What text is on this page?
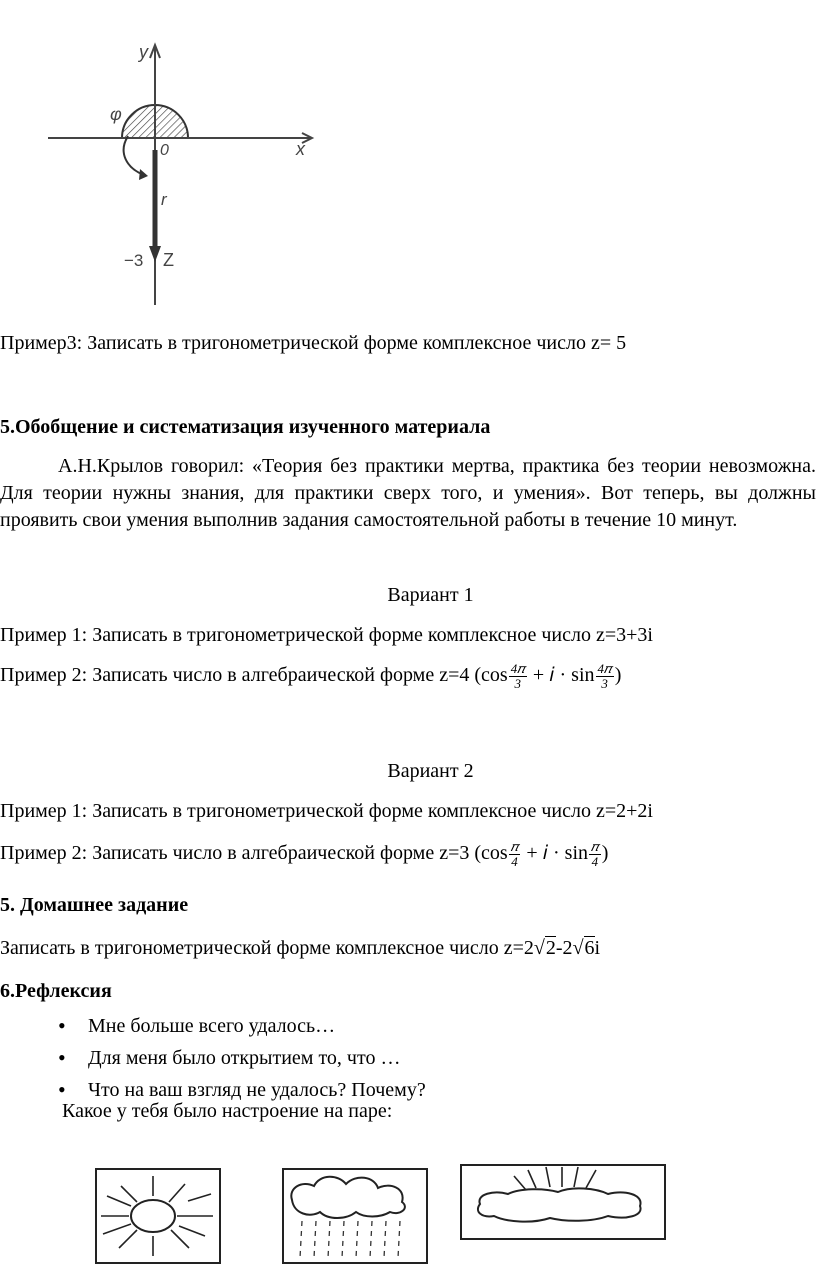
y
x
0
φ
r
−3 Z
Пример3: Записать в тригонометрической форме комплексное число z= 5
5.Обобщение и систематизация изученного материала
А.Н.Крылов говорил: «Теория без практики мертва, практика без теории невозможна. Для теории нужны знания, для практики сверх того, и умения». Вот теперь, вы должны проявить свои умения выполнив задания самостоятельной работы в течение 10 минут.
Вариант 1
Пример 1: Записать в тригонометрической форме комплексное число z=3+3i
Пример 2: Записать число в алгебраической форме z=4 ($\cos \frac{\text{4𝜋}}{3}$ + 𝑖 · $\sin \frac{\text{4𝜋}}{3}$ )
Вариант 2
Пример 1: Записать в тригонометрической форме комплексное число z=2+2i
Пример 2: Записать число в алгебраической форме z=3 ($\cos \frac{\text{𝜋}}{4}$ + 𝑖 · $\sin \frac{\text{𝜋}}{4}$ )
5. Домашнее задание
Записать в тригонометрической форме комплексное число z=2√2-2√6i
6.Рефлексия
• Мне больше всего удалось…
• Для меня было открытием то, что …
• Что на ваш взгляд не удалось? Почему?
Какое у тебя было настроение на паре:
